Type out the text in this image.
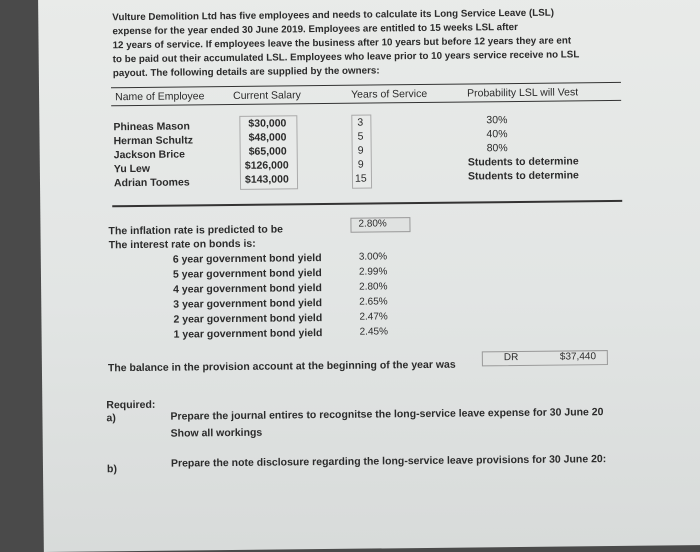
Vulture Demolition Ltd has five employees and needs to calculate its Long Service Leave (LSL)
expense for the year ended 30 June 2019. Employees are entitled to 15 weeks LSL after
12 years of service. If employees leave the business after 10 years but before 12 years they are ent
to be paid out their accumulated LSL. Employees who leave prior to 10 years service receive no LSL
payout. The following details are supplied by the owners:
Name of Employee	Current Salary	Years of Service	Probability LSL will Vest
Phineas Mason	$30,000	3	30%
Herman Schultz	$48,000	5	40%
Jackson Brice	$65,000	9	80%
Yu Lew	$126,000	9	Students to determine
Adrian Toomes	$143,000	15	Students to determine
The inflation rate is predicted to be	2.80%
The interest rate on bonds is:
6 year government bond yield	3.00%
5 year government bond yield	2.99%
4 year government bond yield	2.80%
3 year government bond yield	2.65%
2 year government bond yield	2.47%
1 year government bond yield	2.45%
The balance in the provision account at the beginning of the year was
DR	$37,440
Required:
a)	Prepare the journal entires to recognitse the long-service leave expense for 30 June 20
Show all workings
b)	Prepare the note disclosure regarding the long-service leave provisions for 30 June 20:
